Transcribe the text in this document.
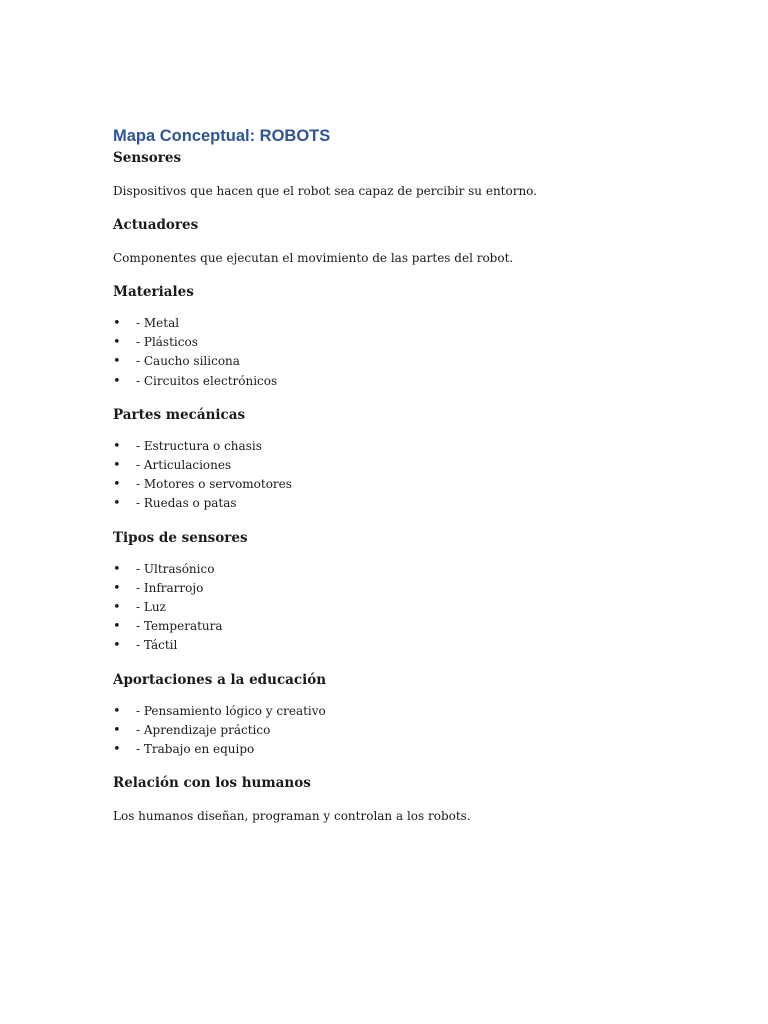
Mapa Conceptual: ROBOTS
Sensores

Dispositivos que hacen que el robot sea capaz de percibir su entorno.

Actuadores

Componentes que ejecutan el movimiento de las partes del robot.

Materiales
• - Metal
• - Plásticos
• - Caucho silicona
• - Circuitos electrónicos
Partes mecánicas
• - Estructura o chasis
• - Articulaciones
• - Motores o servomotores
• - Ruedas o patas
Tipos de sensores
• - Ultrasónico
• - Infrarrojo
• - Luz
• - Temperatura
• - Táctil
Aportaciones a la educación
• - Pensamiento lógico y creativo
• - Aprendizaje práctico
• - Trabajo en equipo
Relación con los humanos

Los humanos diseñan, programan y controlan a los robots.
